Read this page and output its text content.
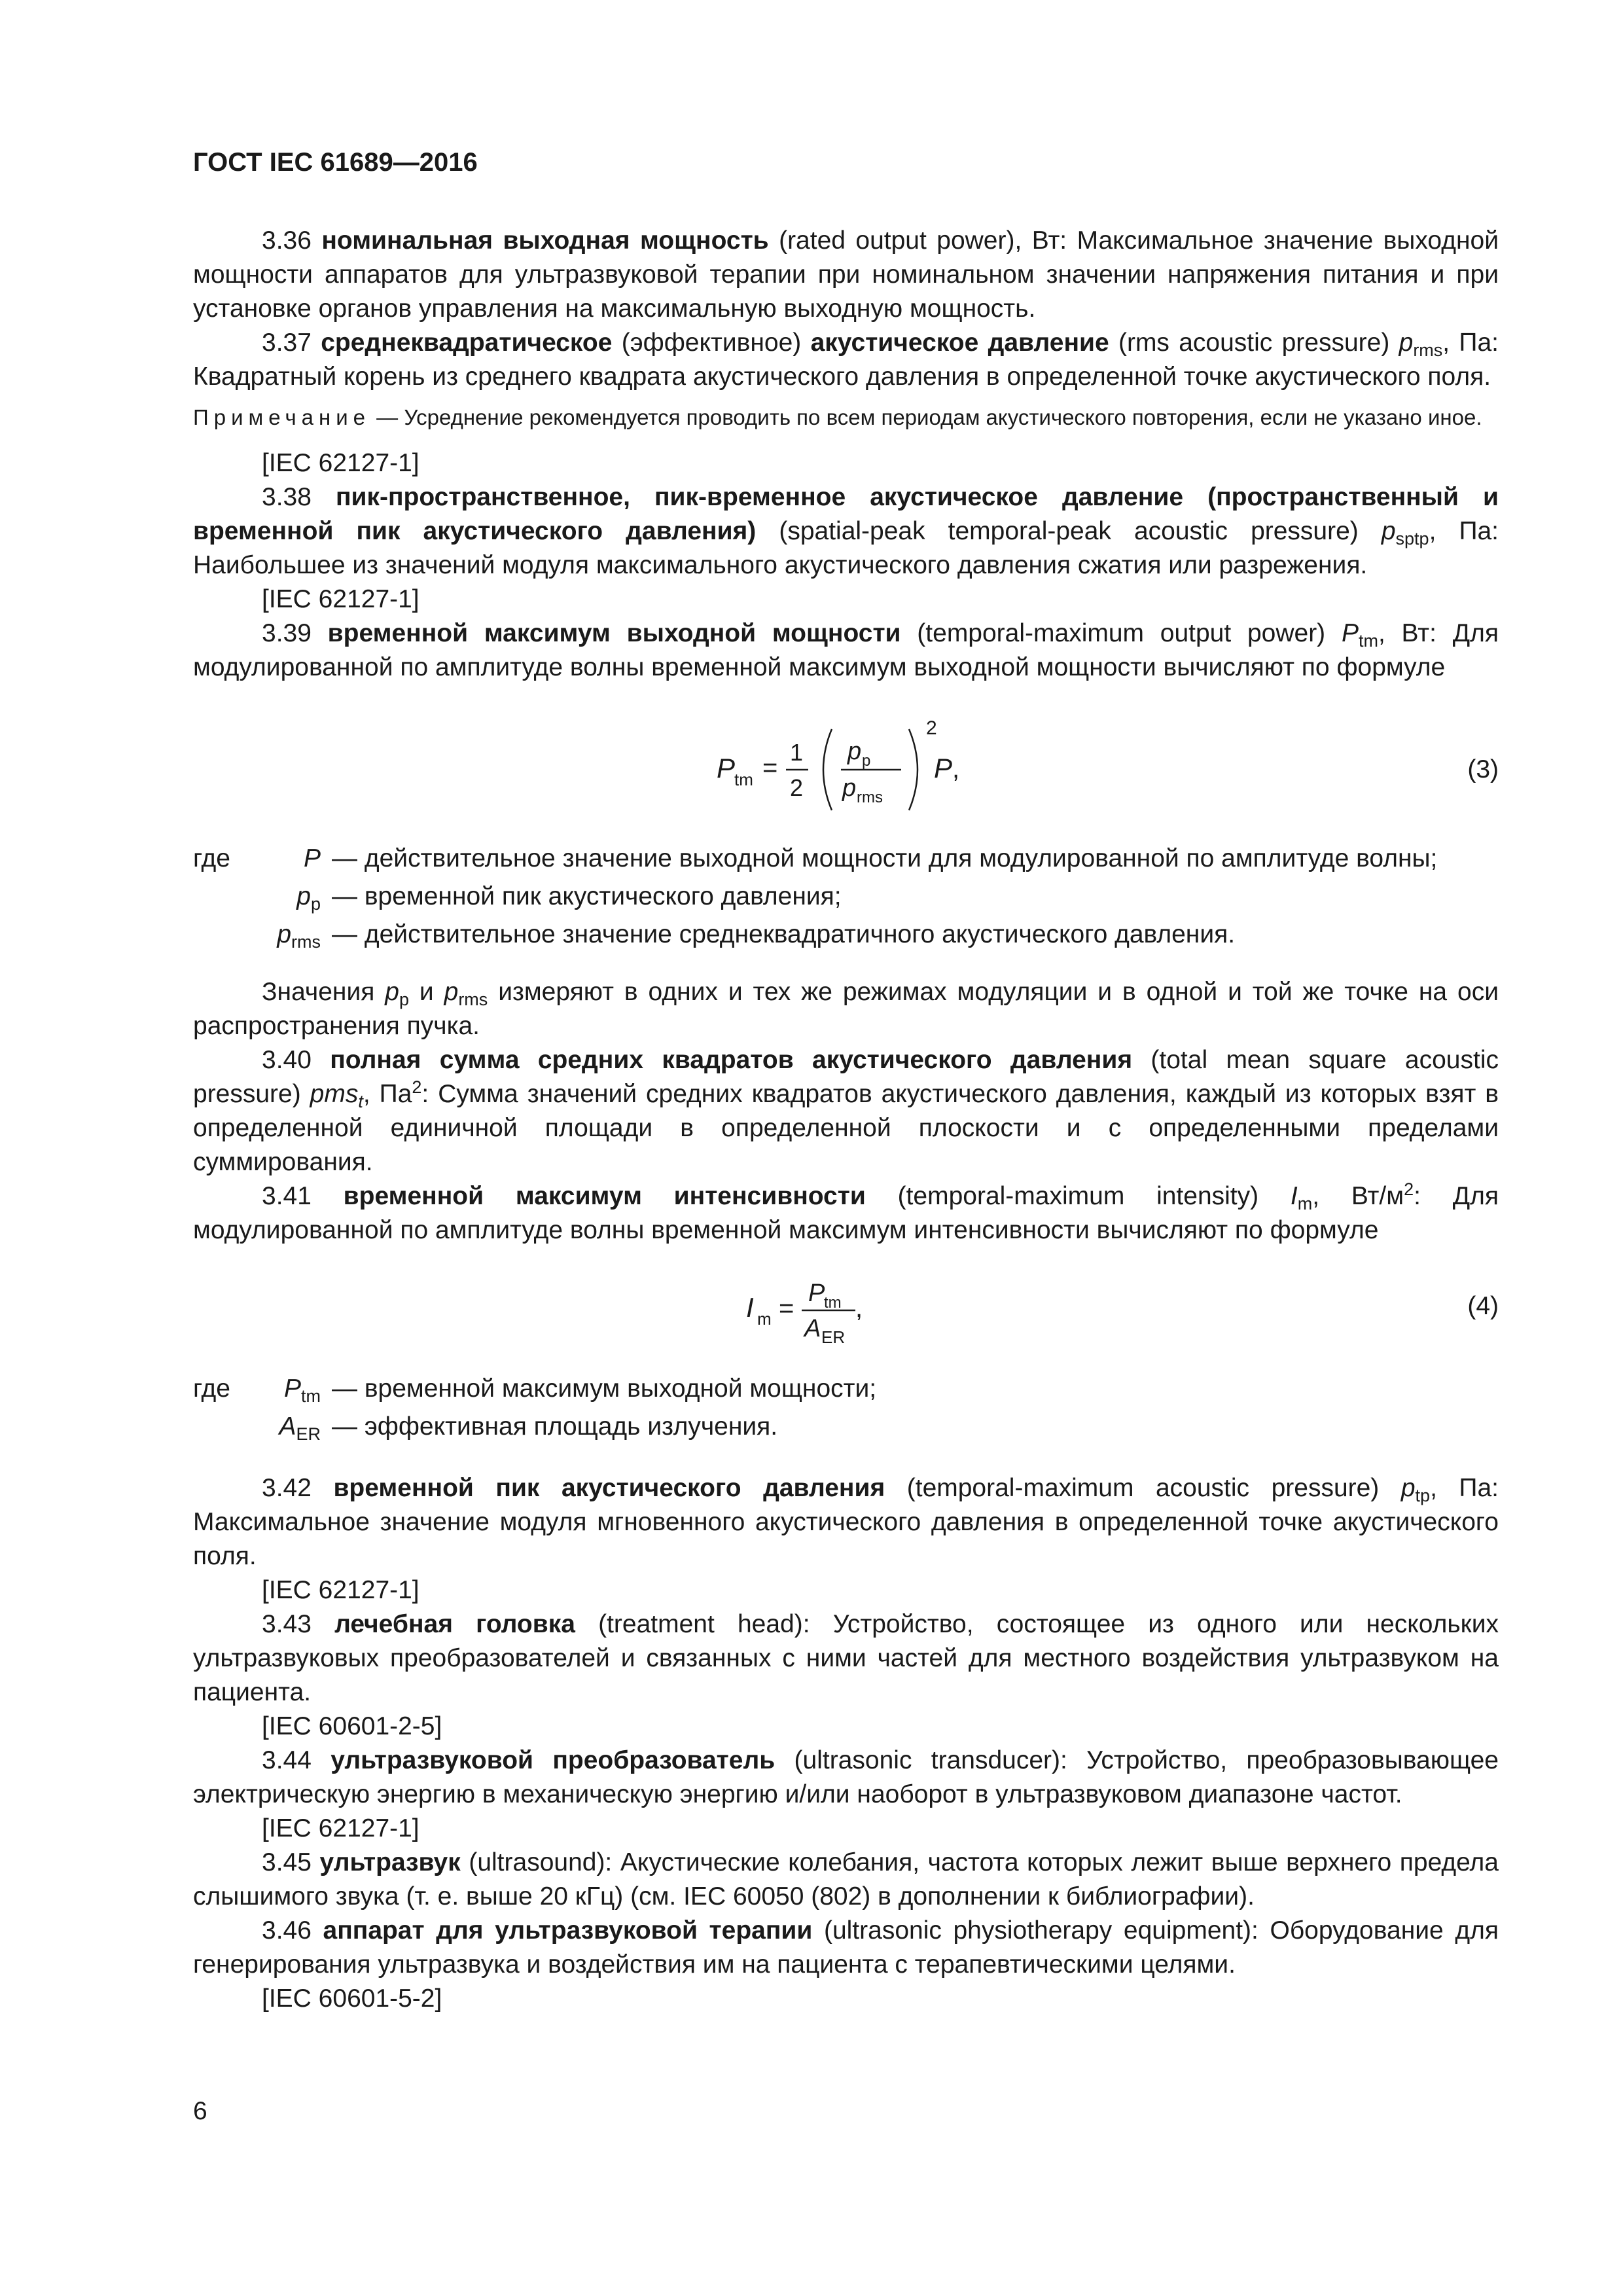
ГОСТ IEC 61689—2016

3.36 номинальная выходная мощность (rated output power), Вт: Максимальное значение выходной мощности аппаратов для ультразвуковой терапии при номинальном значении напряжения питания и при установке органов управления на максимальную выходную мощность.

3.37 среднеквадратическое (эффективное) акустическое давление (rms acoustic pressure) $p_{rms}$, Па: Квадратный корень из среднего квадрата акустического давления в определенной точке акустического поля.

Примечание — Усреднение рекомендуется проводить по всем периодам акустического повторения, если не указано иное.

[IEC 62127-1]

3.38 пик-пространственное, пик-временное акустическое давление (пространственный и временной пик акустического давления) (spatial-peak temporal-peak acoustic pressure) $p_{sptp}$, Па: Наибольшее из значений модуля максимального акустического давления сжатия или разрежения.

[IEC 62127-1]

3.39 временной максимум выходной мощности (temporal-maximum output power) $P_{tm}$, Вт: Для модулированной по амплитуде волны временной максимум выходной мощности вычисляют по формуле

P
tm =
1
2
p p
p rms
2
P ,	(3)
где	P — действительное значение выходной мощности для модулированной по амплитуде волны;
$p_p$ — временной пик акустического давления;
$p_{rms}$ — действительное значение среднеквадратичного акустического давления.

Значения $p_p$ и $p_{rms}$ измеряют в одних и тех же режимах модуляции и в одной и той же точке на оси распространения пучка.

3.40 полная сумма средних квадратов акустического давления (total mean square acoustic pressure) pms$_t$, $Па^2$: Сумма значений средних квадратов акустического давления, каждый из которых взят в определенной единичной площади в определенной плоскости и с определенными пределами суммирования.

3.41 временной максимум интенсивности (temporal-maximum intensity) $I_m$, $Вт/м^2$: Для модулированной по амплитуде волны временной максимум интенсивности вычисляют по формуле

I m =
P
tm
A ER
,	(4)
где $P_{tm}$ — временной максимум выходной мощности;
$A_{ER}$ — эффективная площадь излучения.

3.42 временной пик акустического давления (temporal-maximum acoustic pressure) $p_{tp}$, Па: Максимальное значение модуля мгновенного акустического давления в определенной точке акустического поля.

[IEC 62127-1]

3.43 лечебная головка (treatment head): Устройство, состоящее из одного или нескольких ультразвуковых преобразователей и связанных с ними частей для местного воздействия ультразвуком на пациента.

[IEC 60601-2-5]

3.44 ультразвуковой преобразователь (ultrasonic transducer): Устройство, преобразовывающее электрическую энергию в механическую энергию и/или наоборот в ультразвуковом диапазоне частот.

[IEC 62127-1]

3.45 ультразвук (ultrasound): Акустические колебания, частота которых лежит выше верхнего предела слышимого звука (т. е. выше 20 кГц) (см. IEC 60050 (802) в дополнении к библиографии).

3.46 аппарат для ультразвуковой терапии (ultrasonic physiotherapy equipment): Оборудование для генерирования ультразвука и воздействия им на пациента с терапевтическими целями.

[IEC 60601-5-2]

6
